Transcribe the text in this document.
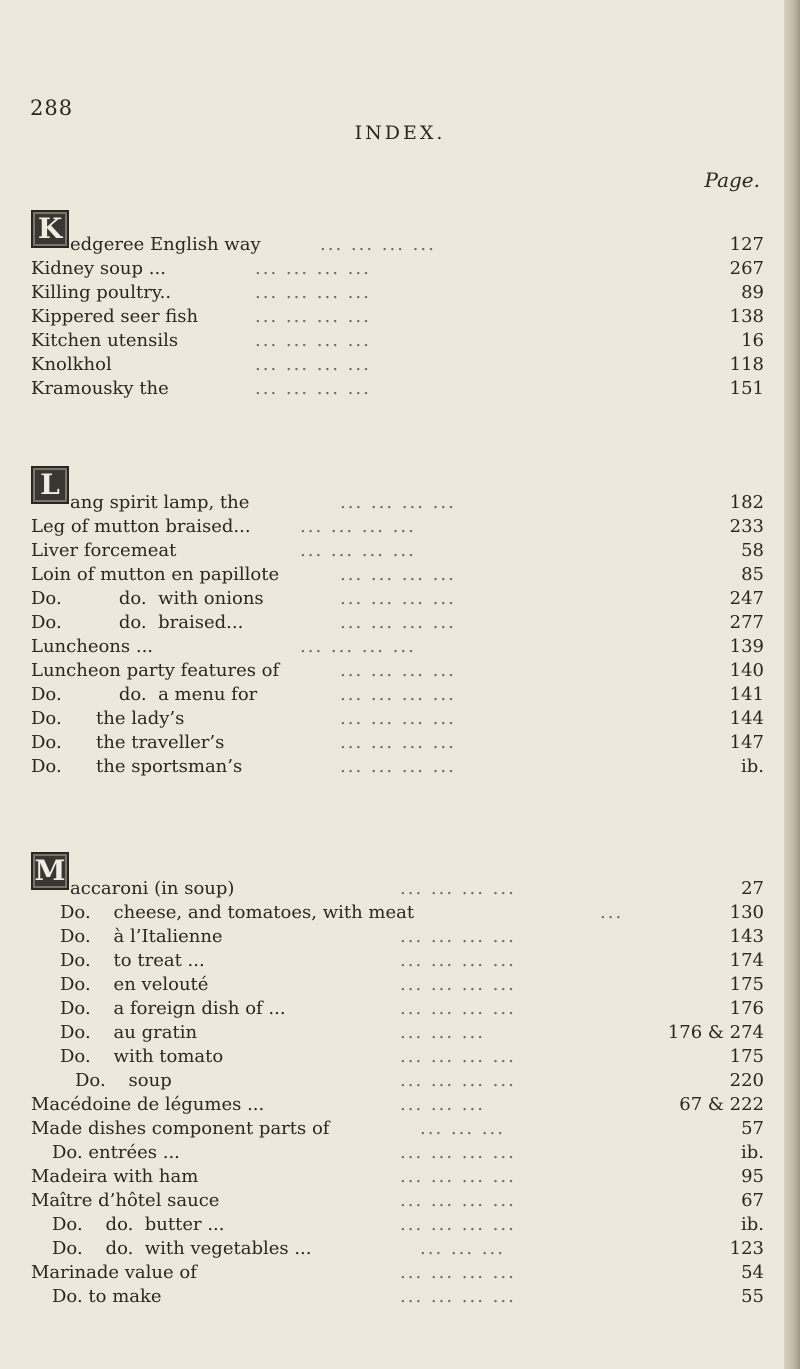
288
INDEX.
Page.
K edgeree English way	... ... ... ...	127
Kidney soup ...	... ... ... ...	267
Killing poultry..	... ... ... ...	89
Kippered seer fish	... ... ... ...	138
Kitchen utensils	... ... ... ...	16
Knolkhol	... ... ... ...	118
Kramousky the	... ... ... ...	151
L
ang spirit lamp, the	... ... ... ...	182
Leg of mutton braised...	... ... ... ...	233
Liver forcemeat	... ... ... ...	58
Loin of mutton en papillote	... ... ... ...	85
Do.          do.  with onions	... ... ... ...	247
Do.          do.  braised...	... ... ... ...	277
Luncheons ...	... ... ... ...	139
Luncheon party features of	... ... ... ...	140
Do.          do.  a menu for	... ... ... ...	141
Do.      the lady’s	... ... ... ...	144
Do.      the traveller’s	... ... ... ...	147
Do.      the sportsman’s	... ... ... ...	ib.
M
accaroni (in soup)	... ... ... ...	27
Do.    cheese, and tomatoes, with meat	...	130
Do.    à l’Italienne	... ... ... ...	143
Do.    to treat ...	... ... ... ...	174
Do.    en velouté	... ... ... ...	175
Do.    a foreign dish of ...	... ... ... ...	176
Do.    au gratin	... ... ...	176 & 274
Do.    with tomato	... ... ... ...	175
Do.    soup	... ... ... ...	220
Macédoine de légumes ...	... ... ...	67 & 222
Made dishes component parts of	... ... ...	57
Do. entrées ...	... ... ... ...	ib.
Madeira with ham	... ... ... ...	95
Maître d’hôtel sauce	... ... ... ...	67
Do.    do.  butter ...	... ... ... ...	ib.
Do.    do.  with vegetables ...	... ... ...	123
Marinade value of	... ... ... ...	54
Do. to make	... ... ... ...	55
